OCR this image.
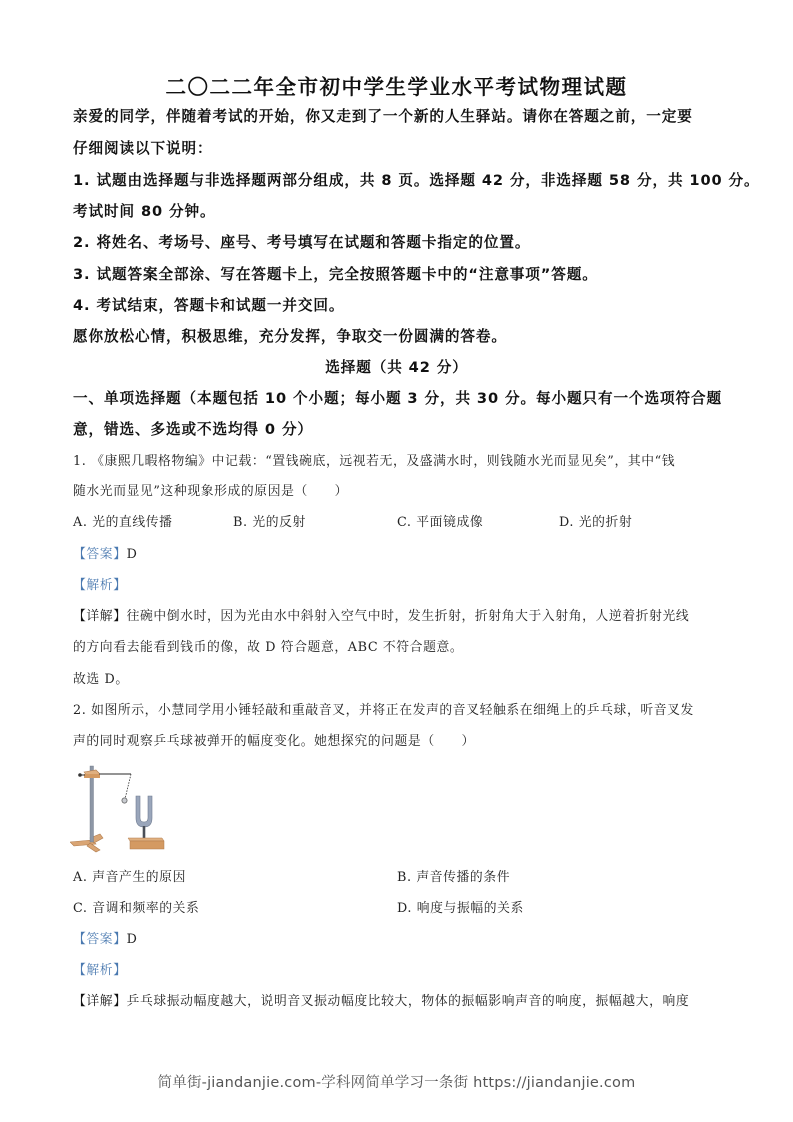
二〇二二年全市初中学生学业水平考试物理试题
亲爱的同学，伴随着考试的开始，你又走到了一个新的人生驿站。请你在答题之前，一定要
仔细阅读以下说明：
1. 试题由选择题与非选择题两部分组成，共 8 页。选择题 42 分，非选择题 58 分，共 100 分。
考试时间 80 分钟。
2. 将姓名、考场号、座号、考号填写在试题和答题卡指定的位置。
3. 试题答案全部涂、写在答题卡上，完全按照答题卡中的“注意事项”答题。
4. 考试结束，答题卡和试题一并交回。
愿你放松心情，积极思维，充分发挥，争取交一份圆满的答卷。
选择题（共 42 分）
一、单项选择题（本题包括 10 个小题；每小题 3 分，共 30 分。每小题只有一个选项符合题
意，错选、多选或不选均得 0 分）
1. 《康熙几暇格物编》中记载：“置钱碗底，远视若无，及盛满水时，则钱随水光而显见矣”，其中“钱
随水光而显见”这种现象形成的原因是（　　）
A. 光的直线传播	B. 光的反射	C. 平面镜成像	D. 光的折射
【答案】D
【解析】
【详解】往碗中倒水时，因为光由水中斜射入空气中时，发生折射，折射角大于入射角，人逆着折射光线
的方向看去能看到钱币的像，故 D 符合题意，ABC 不符合题意。
故选 D。
2. 如图所示，小慧同学用小锤轻敲和重敲音叉，并将正在发声的音叉轻触系在细绳上的乒乓球，听音叉发
声的同时观察乒乓球被弹开的幅度变化。她想探究的问题是（　　）
A. 声音产生的原因	B. 声音传播的条件
C. 音调和频率的关系	D. 响度与振幅的关系
【答案】D
【解析】
【详解】乒乓球振动幅度越大，说明音叉振动幅度比较大，物体的振幅影响声音的响度，振幅越大，响度
简单街-jiandanjie.com-学科网简单学习一条街 https://jiandanjie.com
